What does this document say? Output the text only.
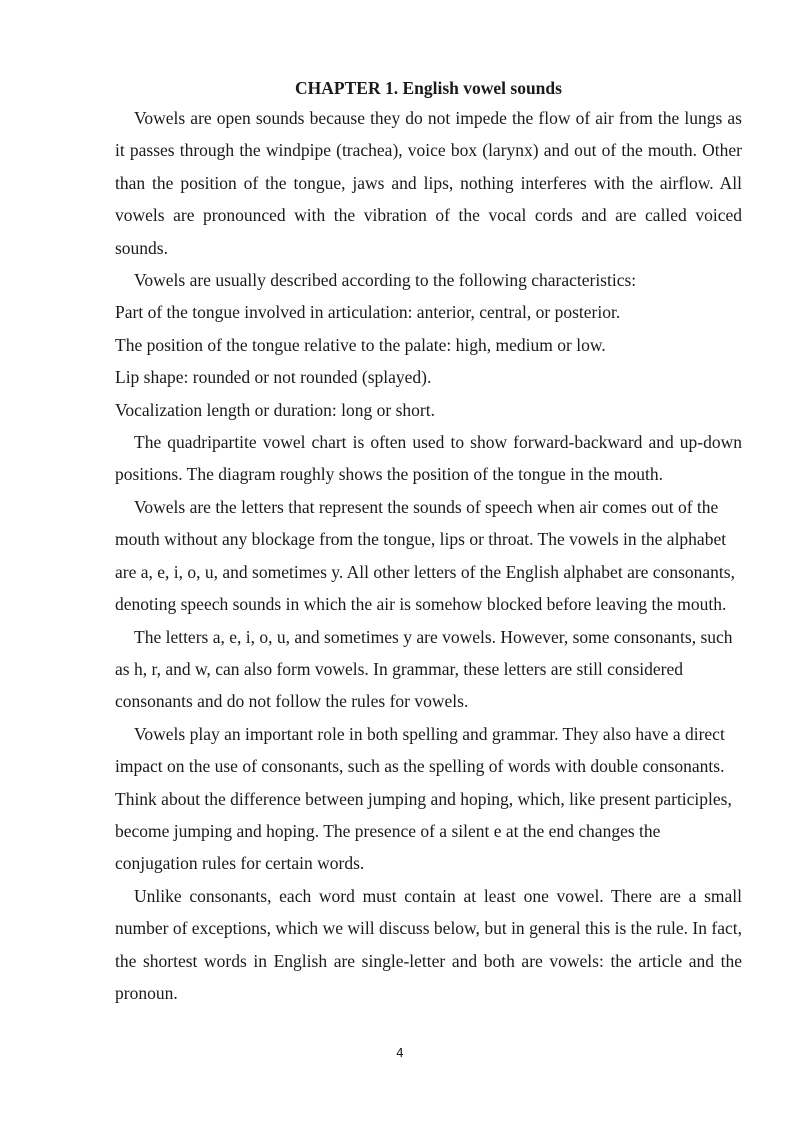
CHAPTER 1. English vowel sounds

Vowels are open sounds because they do not impede the flow of air from the lungs as it passes through the windpipe (trachea), voice box (larynx) and out of the mouth. Other than the position of the tongue, jaws and lips, nothing interferes with the airflow. All vowels are pronounced with the vibration of the vocal cords and are called voiced sounds.

Vowels are usually described according to the following characteristics:

Part of the tongue involved in articulation: anterior, central, or posterior.

The position of the tongue relative to the palate: high, medium or low.

Lip shape: rounded or not rounded (splayed).

Vocalization length or duration: long or short.

The quadripartite vowel chart is often used to show forward-backward and up-down positions. The diagram roughly shows the position of the tongue in the mouth.

Vowels are the letters that represent the sounds of speech when air comes out of the mouth without any blockage from the tongue, lips or throat. The vowels in the alphabet are a, e, i, o, u, and sometimes y. All other letters of the English alphabet are consonants, denoting speech sounds in which the air is somehow blocked before leaving the mouth.

The letters a, e, i, o, u, and sometimes y are vowels. However, some consonants, such as h, r, and w, can also form vowels. In grammar, these letters are still considered consonants and do not follow the rules for vowels.

Vowels play an important role in both spelling and grammar. They also have a direct impact on the use of consonants, such as the spelling of words with double consonants. Think about the difference between jumping and hoping, which, like present participles, become jumping and hoping. The presence of a silent e at the end changes the conjugation rules for certain words.

Unlike consonants, each word must contain at least one vowel. There are a small number of exceptions, which we will discuss below, but in general this is the rule. In fact, the shortest words in English are single-letter and both are vowels: the article and the pronoun.

4
